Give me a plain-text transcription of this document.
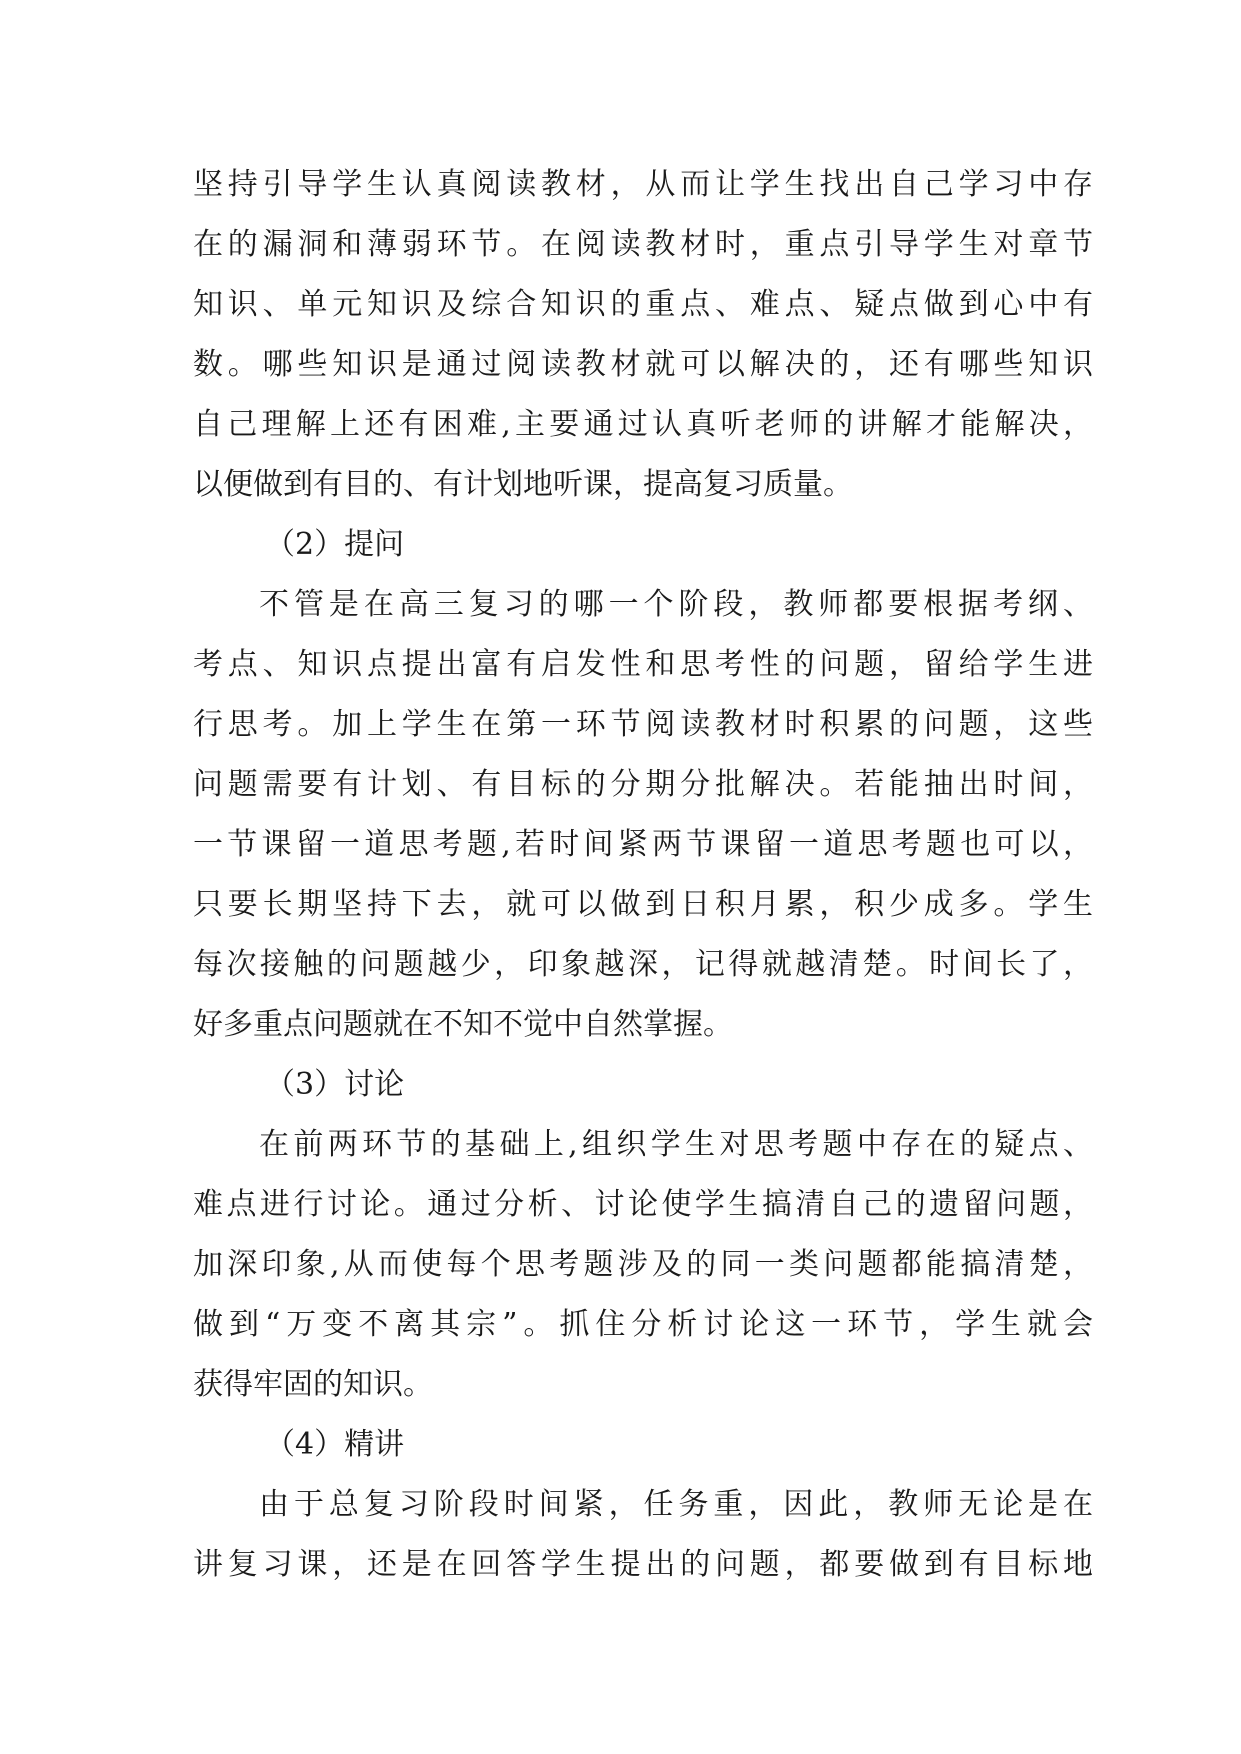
坚持引导学生认真阅读教材，从而让学生找出自己学习中存
在的漏洞和薄弱环节。在阅读教材时，重点引导学生对章节
知识、单元知识及综合知识的重点、难点、疑点做到心中有
数。哪些知识是通过阅读教材就可以解决的，还有哪些知识
自己理解上还有困难,主要通过认真听老师的讲解才能解决，
以便做到有目的、有计划地听课，提高复习质量。
（2）提问
不管是在高三复习的哪一个阶段，教师都要根据考纲、
考点、知识点提出富有启发性和思考性的问题，留给学生进
行思考。加上学生在第一环节阅读教材时积累的问题，这些
问题需要有计划、有目标的分期分批解决。若能抽出时间，
一节课留一道思考题,若时间紧两节课留一道思考题也可以，
只要长期坚持下去，就可以做到日积月累，积少成多。学生
每次接触的问题越少，印象越深，记得就越清楚。时间长了，
好多重点问题就在不知不觉中自然掌握。
（3）讨论
在前两环节的基础上,组织学生对思考题中存在的疑点、
难点进行讨论。通过分析、讨论使学生搞清自己的遗留问题，
加深印象,从而使每个思考题涉及的同一类问题都能搞清楚，
做到“万变不离其宗”。抓住分析讨论这一环节，学生就会
获得牢固的知识。
（4）精讲
由于总复习阶段时间紧，任务重，因此，教师无论是在
讲复习课，还是在回答学生提出的问题，都要做到有目标地
